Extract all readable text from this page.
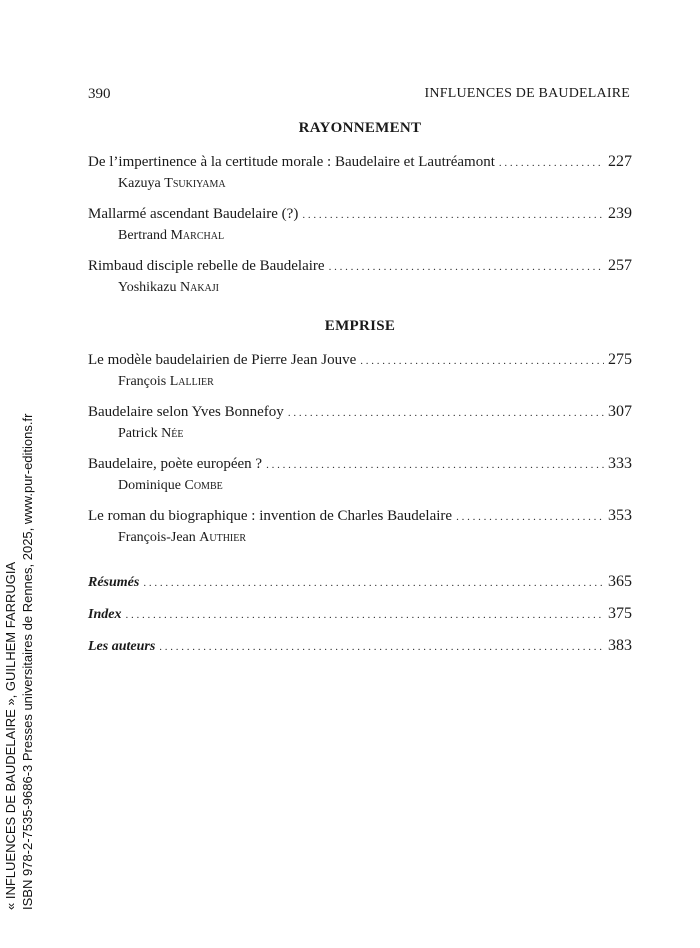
390	INFLUENCES DE BAUDELAIRE
RAYONNEMENT
De l’impertinence à la certitude morale : Baudelaire et Lautréamont . . .	227
Kazuya Tsukiyama
Mallarmé ascendant Baudelaire (?) . . .	239
Bertrand Marchal
Rimbaud disciple rebelle de Baudelaire . . .	257
Yoshikazu Nakaji
EMPRISE
Le modèle baudelairien de Pierre Jean Jouve . . .	275
François Lallier
Baudelaire selon Yves Bonnefoy . . .	307
Patrick Née
Baudelaire, poète européen ? . . .	333
Dominique Combe
Le roman du biographique : invention de Charles Baudelaire . . .	353
François-Jean Authier
Résumés . . .	365
Index . . .	375
Les auteurs . . .	383
« INFLUENCES DE BAUDELAIRE », GUILHEM FARRUGIA ISBN 978-2-7535-9686-3 Presses universitaires de Rennes, 2025, www.pur-editions.fr
